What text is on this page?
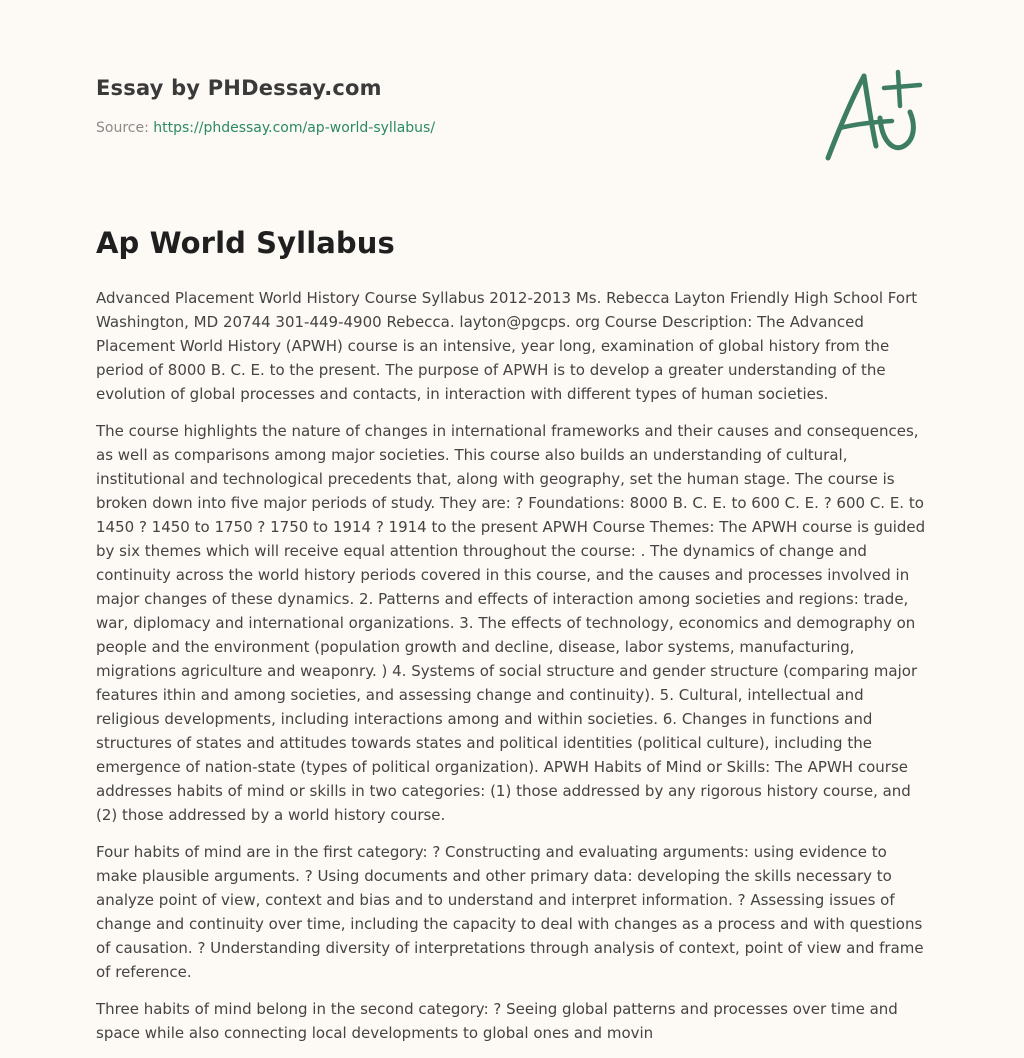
Essay by PHDessay.com
Source: https://phdessay.com/ap-world-syllabus/
Ap World Syllabus

Advanced Placement World History Course Syllabus 2012-2013 Ms. Rebecca Layton Friendly High School Fort Washington, MD 20744 301-449-4900 Rebecca. layton@pgcps. org Course Description: The Advanced Placement World History (APWH) course is an intensive, year long, examination of global history from the period of 8000 B. C. E. to the present. The purpose of APWH is to develop a greater understanding of the evolution of global processes and contacts, in interaction with different types of human societies.

The course highlights the nature of changes in international frameworks and their causes and consequences, as well as comparisons among major societies. This course also builds an understanding of cultural, institutional and technological precedents that, along with geography, set the human stage. The course is broken down into five major periods of study. They are: ? Foundations: 8000 B. C. E. to 600 C. E. ? 600 C. E. to 1450 ? 1450 to 1750 ? 1750 to 1914 ? 1914 to the present APWH Course Themes: The APWH course is guided by six themes which will receive equal attention throughout the course: . The dynamics of change and continuity across the world history periods covered in this course, and the causes and processes involved in major changes of these dynamics. 2. Patterns and effects of interaction among societies and regions: trade, war, diplomacy and international organizations. 3. The effects of technology, economics and demography on people and the environment (population growth and decline, disease, labor systems, manufacturing, migrations agriculture and weaponry. ) 4. Systems of social structure and gender structure (comparing major features ithin and among societies, and assessing change and continuity). 5. Cultural, intellectual and religious developments, including interactions among and within societies. 6. Changes in functions and structures of states and attitudes towards states and political identities (political culture), including the emergence of nation-state (types of political organization). APWH Habits of Mind or Skills: The APWH course addresses habits of mind or skills in two categories: (1) those addressed by any rigorous history course, and (2) those addressed by a world history course.

Four habits of mind are in the first category: ? Constructing and evaluating arguments: using evidence to make plausible arguments. ? Using documents and other primary data: developing the skills necessary to analyze point of view, context and bias and to understand and interpret information. ? Assessing issues of change and continuity over time, including the capacity to deal with changes as a process and with questions of causation. ? Understanding diversity of interpretations through analysis of context, point of view and frame of reference.

Three habits of mind belong in the second category: ? Seeing global patterns and processes over time and space while also connecting local developments to global ones and movin
